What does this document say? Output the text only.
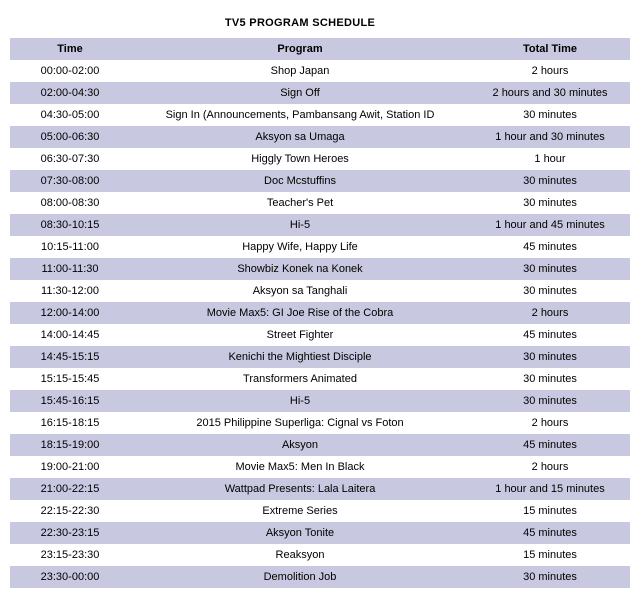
TV5 PROGRAM SCHEDULE
Time	Program	Total Time
00:00-02:00	Shop Japan	2 hours
02:00-04:30	Sign Off	2 hours and 30 minutes
04:30-05:00	Sign In (Announcements, Pambansang Awit, Station ID	30 minutes
05:00-06:30	Aksyon sa Umaga	1 hour and 30 minutes
06:30-07:30	Higgly Town Heroes	1 hour
07:30-08:00	Doc Mcstuffins	30 minutes
08:00-08:30	Teacher's Pet	30 minutes
08:30-10:15	Hi-5	1 hour and 45 minutes
10:15-11:00	Happy Wife, Happy Life	45 minutes
11:00-11:30	Showbiz Konek na Konek	30 minutes
11:30-12:00	Aksyon sa Tanghali	30 minutes
12:00-14:00	Movie Max5: GI Joe Rise of the Cobra	2 hours
14:00-14:45	Street Fighter	45 minutes
14:45-15:15	Kenichi the Mightiest Disciple	30 minutes
15:15-15:45	Transformers Animated	30 minutes
15:45-16:15	Hi-5	30 minutes
16:15-18:15	2015 Philippine Superliga: Cignal vs Foton	2 hours
18:15-19:00	Aksyon	45 minutes
19:00-21:00	Movie Max5: Men In Black	2 hours
21:00-22:15	Wattpad Presents: Lala Laitera	1 hour and 15 minutes
22:15-22:30	Extreme Series	15 minutes
22:30-23:15	Aksyon Tonite	45 minutes
23:15-23:30	Reaksyon	15 minutes
23:30-00:00	Demolition Job	30 minutes
